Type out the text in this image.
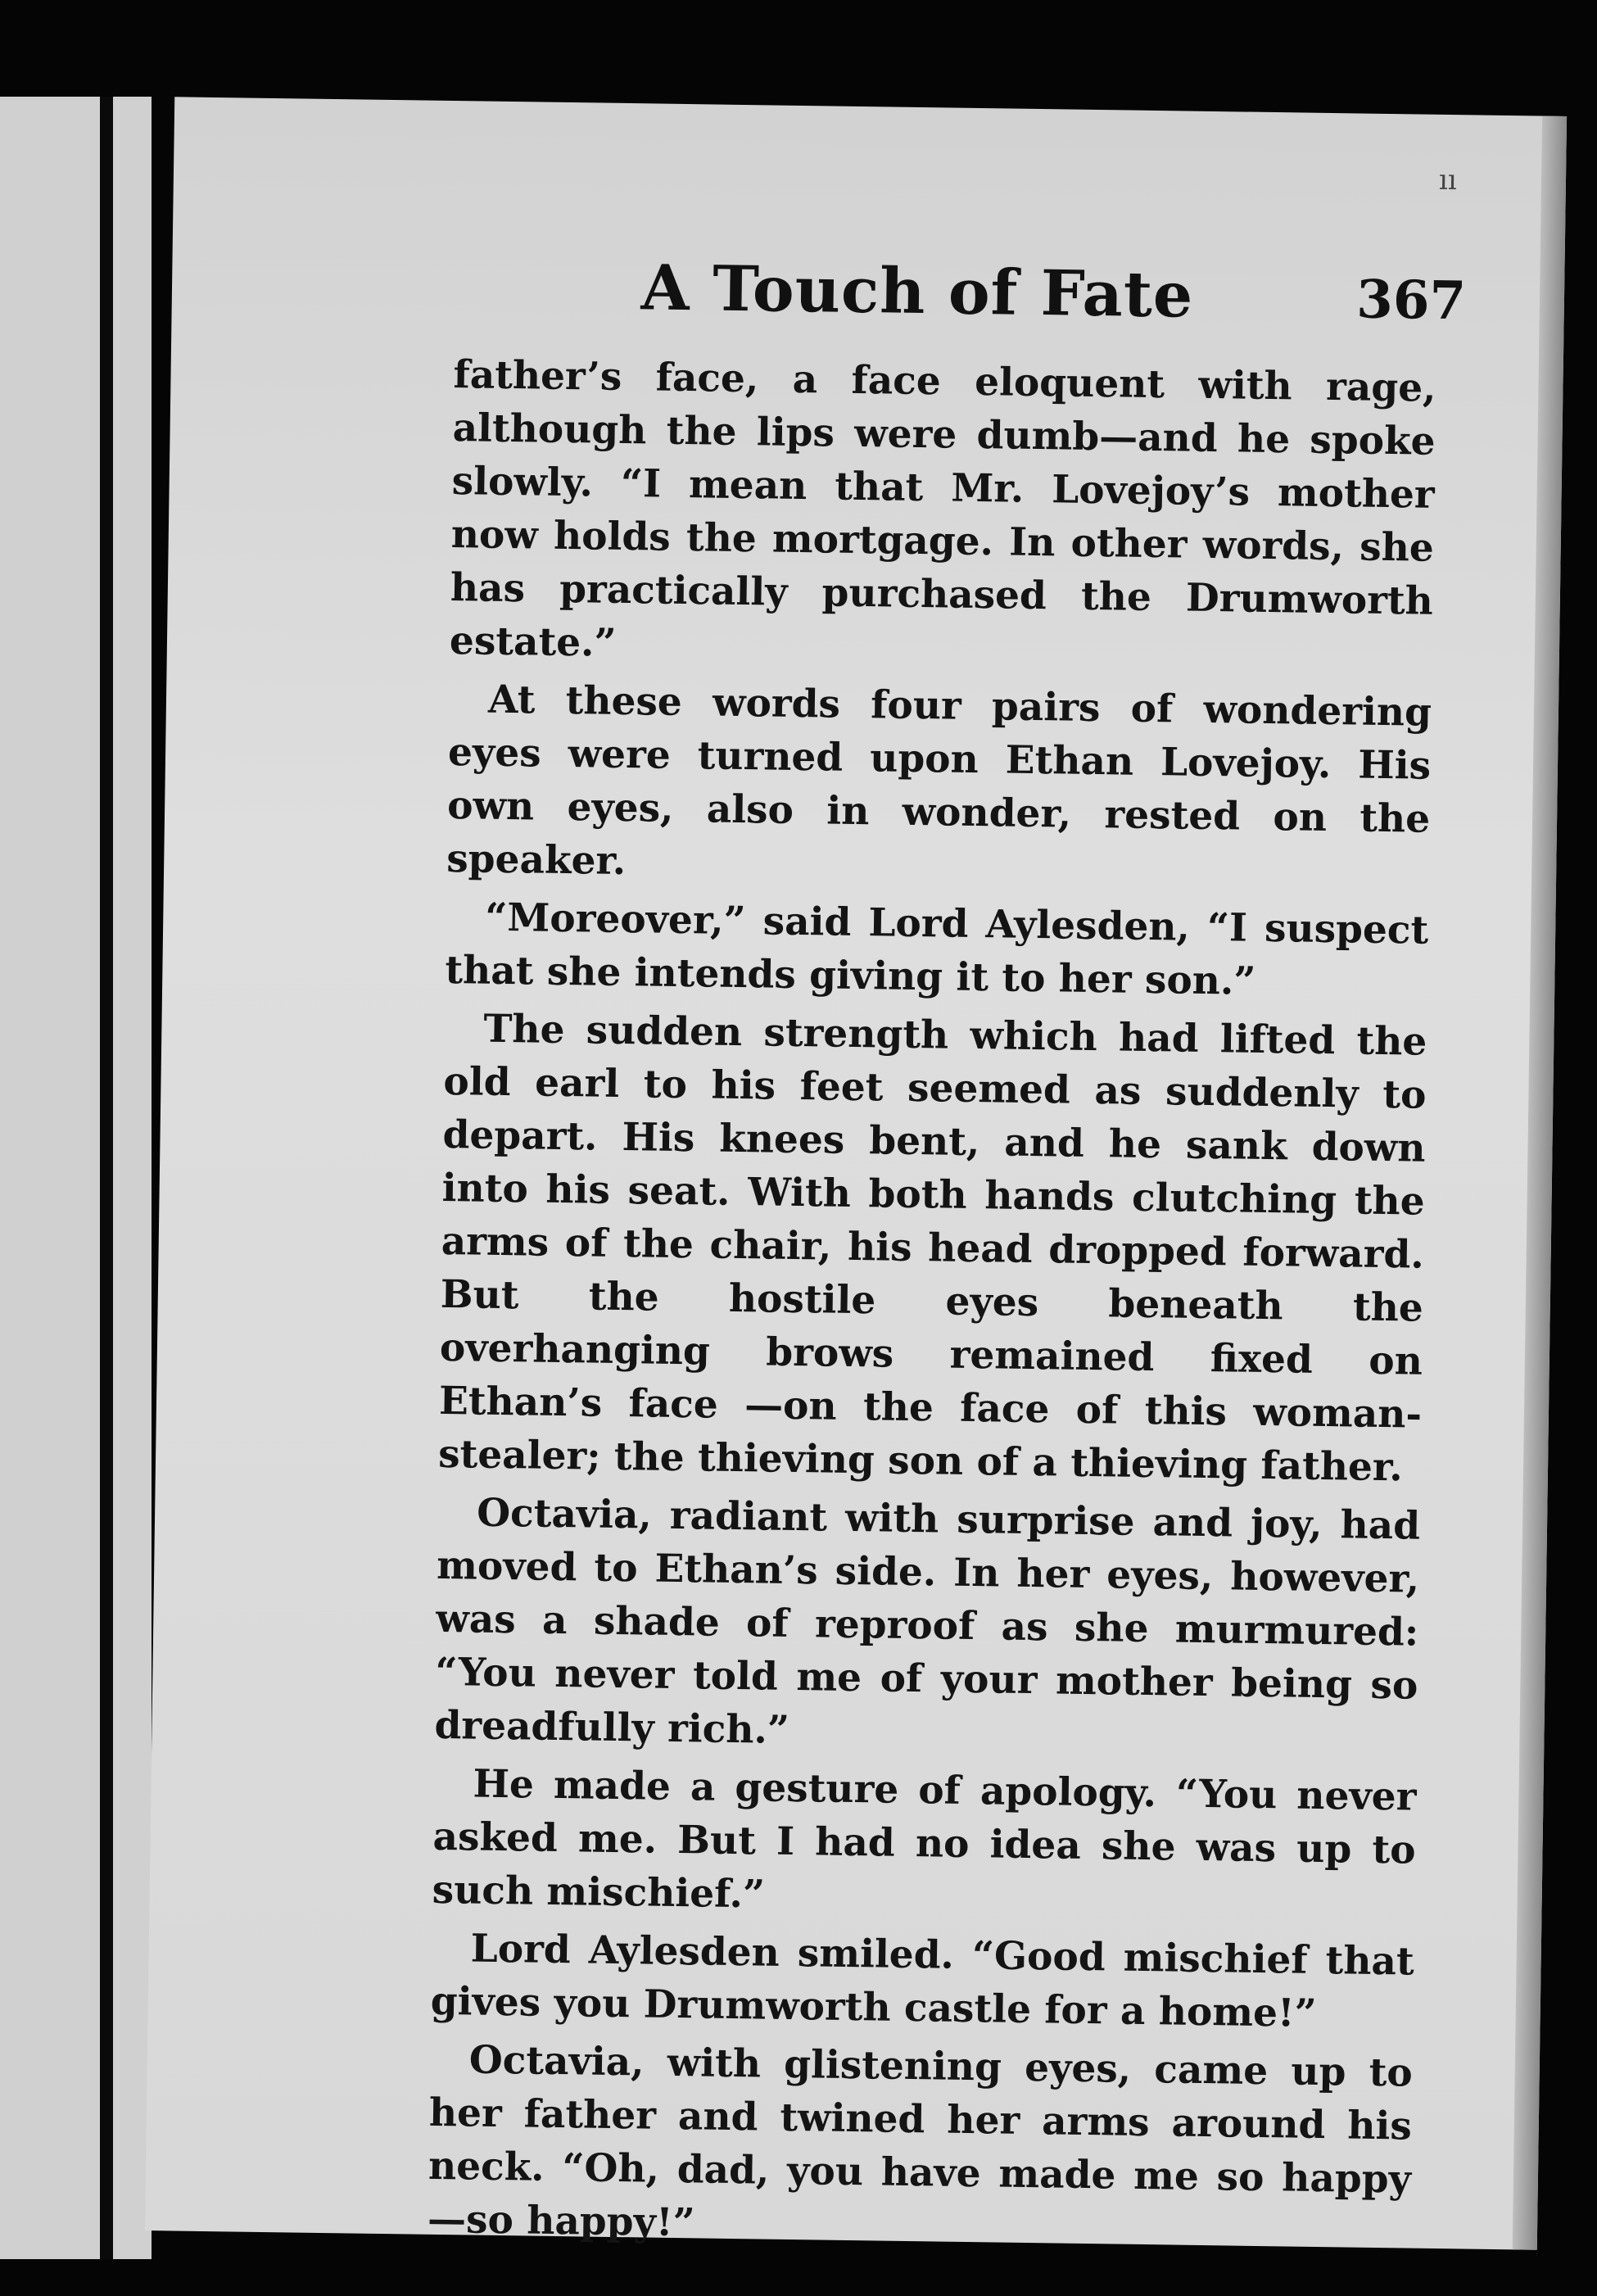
ıı
A Touch of Fate	367

father’s face, a face eloquent with rage, although the lips were dumb—and he spoke slowly. “I mean that Mr. Lovejoy’s mother now holds the mortgage. In other words, she has practically purchased the Drumworth estate.”

At these words four pairs of wondering eyes were turned upon Ethan Lovejoy. His own eyes, also in wonder, rested on the speaker.

“Moreover,” said Lord Aylesden, “I suspect that she intends giving it to her son.”

The sudden strength which had lifted the old earl to his feet seemed as suddenly to depart. His knees bent, and he sank down into his seat. With both hands clutching the arms of the chair, his head dropped forward. But the hostile eyes beneath the overhanging brows remained fixed on Ethan’s face —on the face of this woman-stealer; the thieving son of a thieving father.

Octavia, radiant with surprise and joy, had moved to Ethan’s side. In her eyes, however, was a shade of reproof as she murmured: “You never told me of your mother being so dreadfully rich.”

He made a gesture of apology. “You never asked me. But I had no idea she was up to such mischief.”

Lord Aylesden smiled. “Good mischief that gives you Drumworth castle for a home!”

Octavia, with glistening eyes, came up to her father and twined her arms around his neck. “Oh, dad, you have made me so happy—so happy!”
